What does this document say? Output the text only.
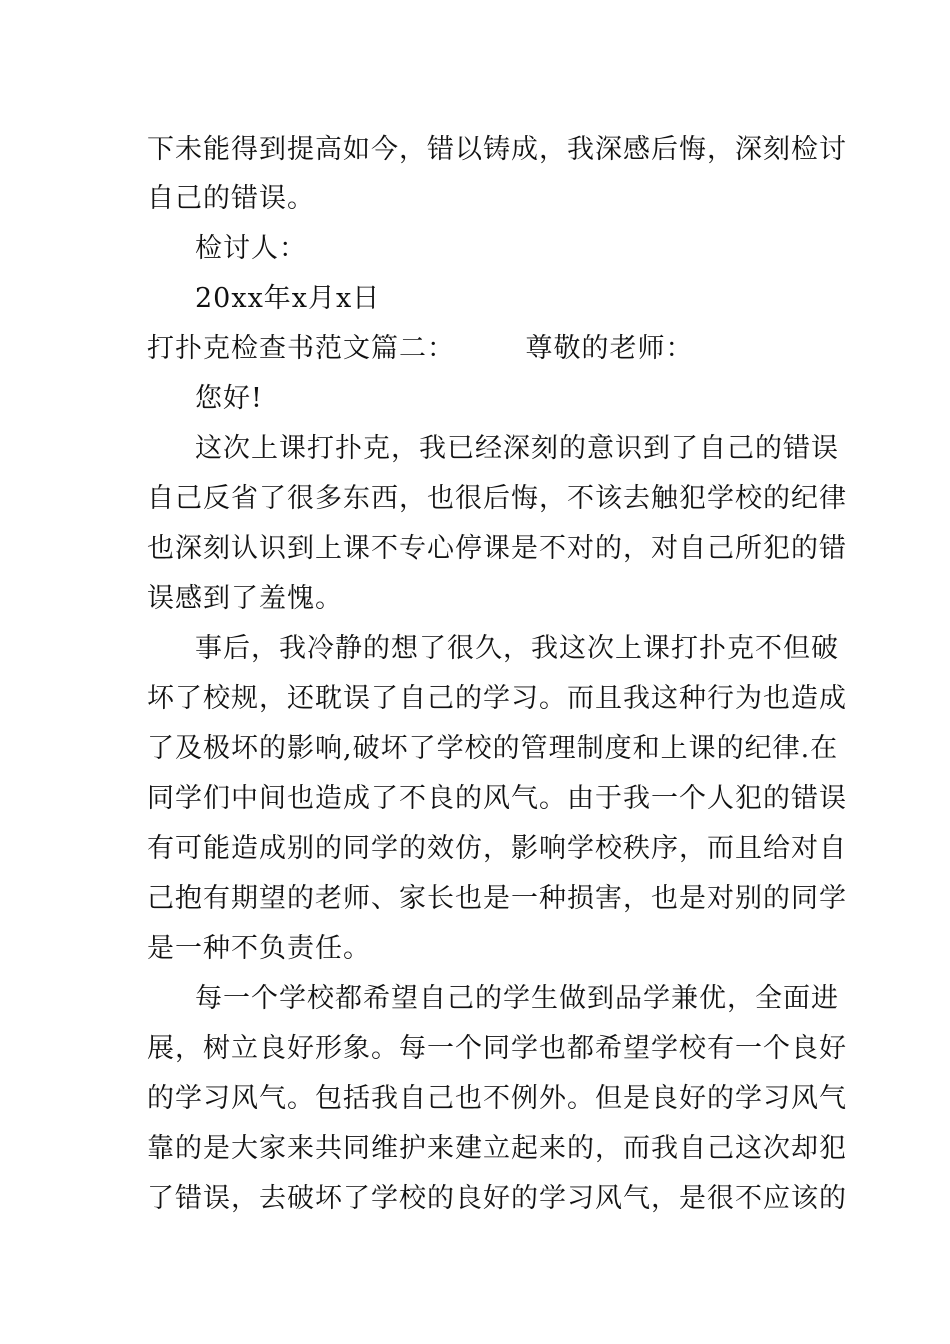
下未能得到提高如今，错以铸成，我深感后悔，深刻检讨
自己的错误。
检讨人：
20xx年x月x日
打扑克检查书范文篇二：　　　尊敬的老师：
您好!
这次上课打扑克，我已经深刻的意识到了自己的错误
自己反省了很多东西，也很后悔，不该去触犯学校的纪律
也深刻认识到上课不专心停课是不对的，对自己所犯的错
误感到了羞愧。
事后，我冷静的想了很久，我这次上课打扑克不但破
坏了校规，还耽误了自己的学习。而且我这种行为也造成
了及极坏的影响,破坏了学校的管理制度和上课的纪律.在
同学们中间也造成了不良的风气。由于我一个人犯的错误
有可能造成别的同学的效仿，影响学校秩序，而且给对自
己抱有期望的老师、家长也是一种损害，也是对别的同学
是一种不负责任。
每一个学校都希望自己的学生做到品学兼优，全面进
展，树立良好形象。每一个同学也都希望学校有一个良好
的学习风气。包括我自己也不例外。但是良好的学习风气
靠的是大家来共同维护来建立起来的，而我自己这次却犯
了错误，去破坏了学校的良好的学习风气，是很不应该的
